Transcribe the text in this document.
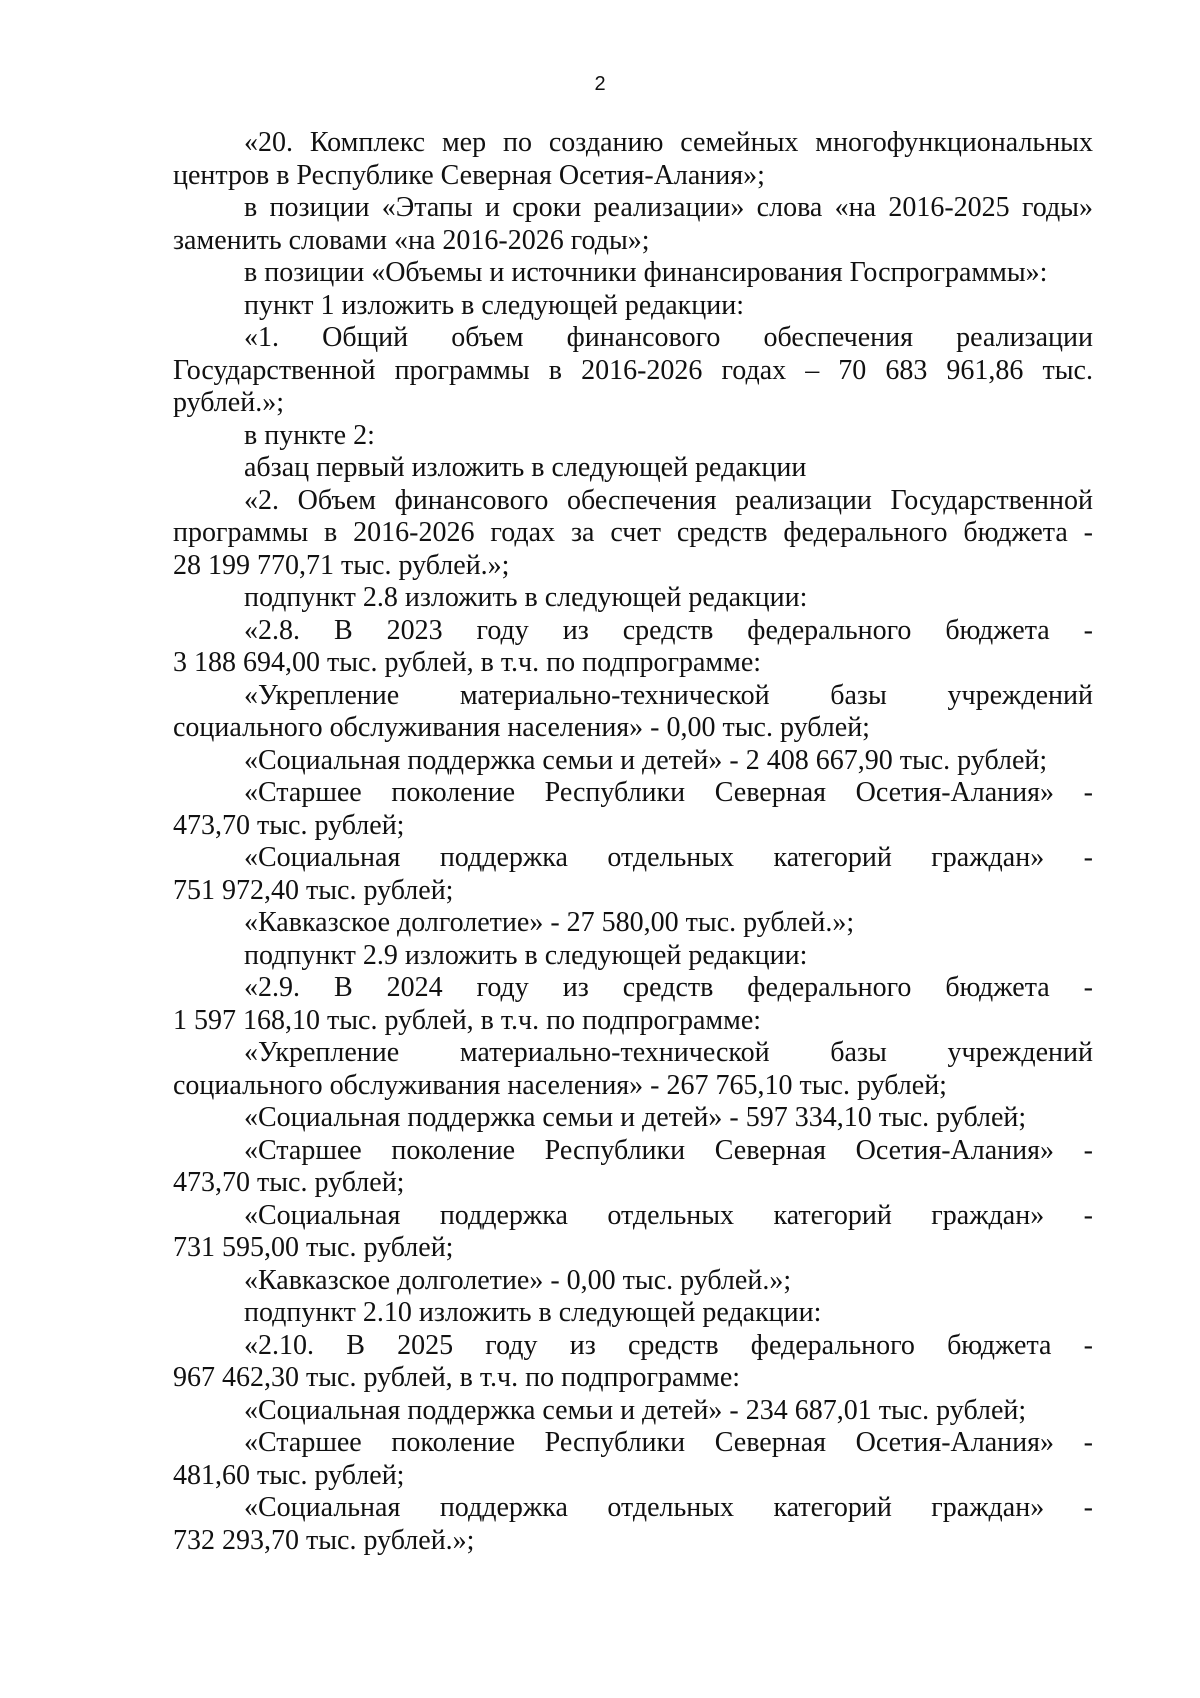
2
«20. Комплекс мер по созданию семейных многофункциональных
центров в Республике Северная Осетия-Алания»;
в позиции «Этапы и сроки реализации» слова «на 2016-2025 годы»
заменить словами «на 2016-2026 годы»;
в позиции «Объемы и источники финансирования Госпрограммы»:
пункт 1 изложить в следующей редакции:
«1. Общий объем финансового обеспечения реализации
Государственной программы в 2016-2026 годах – 70 683 961,86 тыс.
рублей.»;
в пункте 2:
абзац первый изложить в следующей редакции
«2. Объем финансового обеспечения реализации Государственной
программы в 2016-2026 годах за счет средств федерального бюджета -
28 199 770,71 тыс. рублей.»;
подпункт 2.8 изложить в следующей редакции:
«2.8. В 2023 году из средств федерального бюджета -
3 188 694,00 тыс. рублей, в т.ч. по подпрограмме:
«Укрепление материально-технической базы учреждений
социального обслуживания населения» - 0,00 тыс. рублей;
«Социальная поддержка семьи и детей» - 2 408 667,90 тыс. рублей;
«Старшее поколение Республики Северная Осетия-Алания» -
473,70 тыс. рублей;
«Социальная поддержка отдельных категорий граждан» -
751 972,40 тыс. рублей;
«Кавказское долголетие» - 27 580,00 тыс. рублей.»;
подпункт 2.9 изложить в следующей редакции:
«2.9. В 2024 году из средств федерального бюджета -
1 597 168,10 тыс. рублей, в т.ч. по подпрограмме:
«Укрепление материально-технической базы учреждений
социального обслуживания населения» - 267 765,10 тыс. рублей;
«Социальная поддержка семьи и детей» - 597 334,10 тыс. рублей;
«Старшее поколение Республики Северная Осетия-Алания» -
473,70 тыс. рублей;
«Социальная поддержка отдельных категорий граждан» -
731 595,00 тыс. рублей;
«Кавказское долголетие» - 0,00 тыс. рублей.»;
подпункт 2.10 изложить в следующей редакции:
«2.10. В 2025 году из средств федерального бюджета -
967 462,30 тыс. рублей, в т.ч. по подпрограмме:
«Социальная поддержка семьи и детей» - 234 687,01 тыс. рублей;
«Старшее поколение Республики Северная Осетия-Алания» -
481,60 тыс. рублей;
«Социальная поддержка отдельных категорий граждан» -
732 293,70 тыс. рублей.»;
